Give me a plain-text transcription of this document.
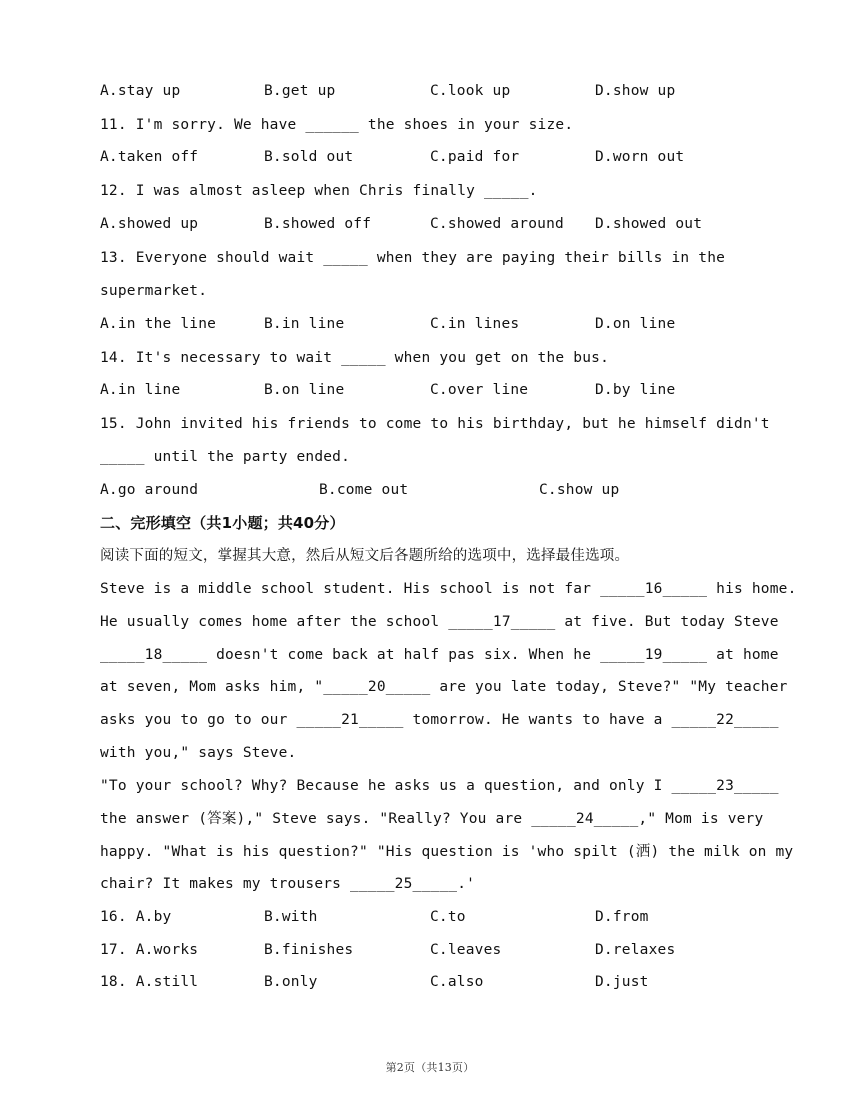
A.stay up	B.get up	C.look up	D.show up
11. I'm sorry. We have ______ the shoes in your size.
A.taken off	B.sold out	C.paid for	D.worn out
12. I was almost asleep when Chris finally _____.
A.showed up	B.showed off	C.showed around D.showed out
13. Everyone should wait _____ when they are paying their bills in the
supermarket.
A.in the line	B.in line	C.in lines	D.on line
14. It's necessary to wait _____ when you get on the bus.
A.in line	B.on line	C.over line	D.by line
15. John invited his friends to come to his birthday, but he himself didn't
_____ until the party ended.
A.go around	B.come out	C.show up
二、完形填空（共1小题；共40分）
阅读下面的短文，掌握其大意，然后从短文后各题所给的选项中，选择最佳选项。
Steve is a middle school student. His school is not far _____16_____ his home.
He usually comes home after the school _____17_____ at five. But today Steve
_____18_____ doesn't come back at half pas six. When he _____19_____ at home
at seven, Mom asks him, "_____20_____ are you late today, Steve?" "My teacher
asks you to go to our _____21_____ tomorrow. He wants to have a _____22_____
with you," says Steve.
"To your school? Why? Because he asks us a question, and only I _____23_____
the answer (答案)," Steve says. "Really? You are _____24_____," Mom is very
happy. "What is his question?" "His question is 'who spilt (洒) the milk on my
chair? It makes my trousers _____25_____.'
16. A.by	B.with	C.to	D.from
17. A.works	B.finishes	C.leaves	D.relaxes
18. A.still	B.only	C.also	D.just
第2页（共13页）
